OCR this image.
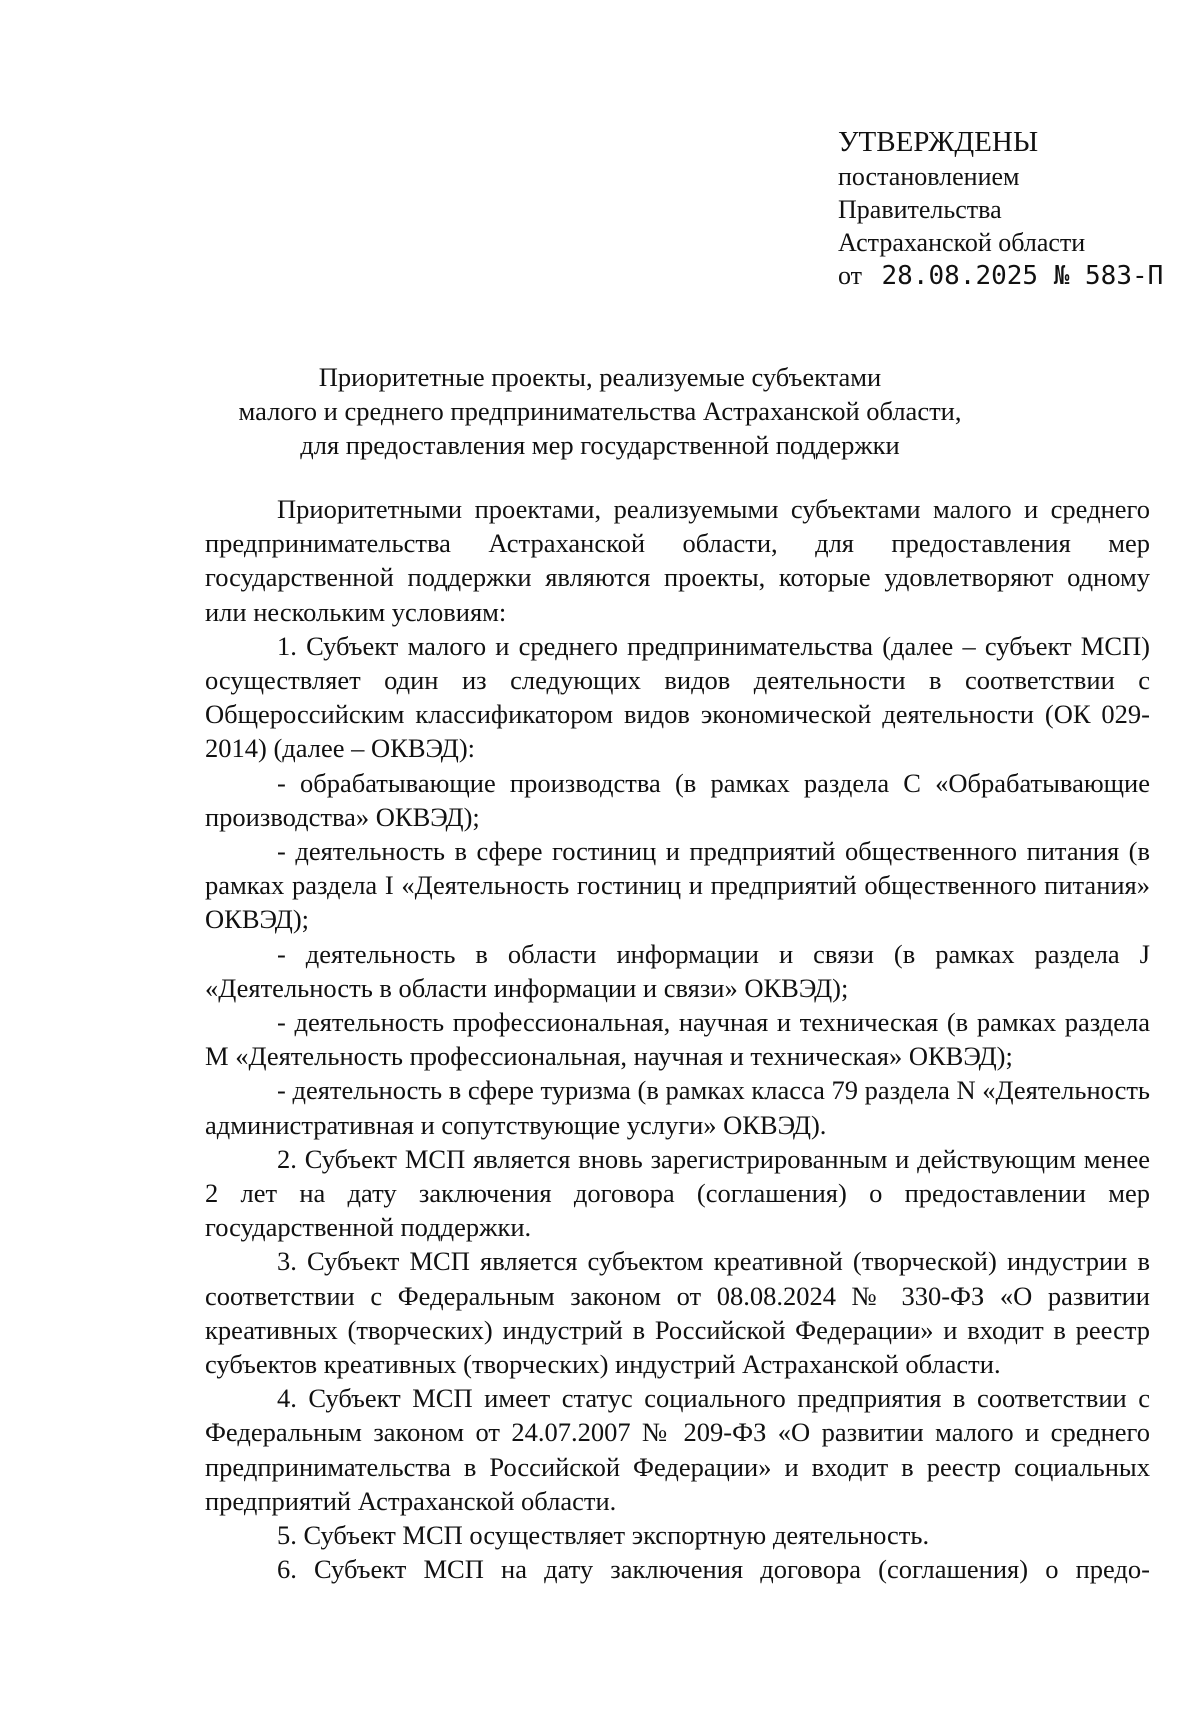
УТВЕРЖДЕНЫ
постановлением
Правительства
Астраханской области
от 28.08.2025 № 583-П
Приоритетные проекты, реализуемые субъектами
малого и среднего предпринимательства Астраханской области,
для предоставления мер государственной поддержки

Приоритетными проектами, реализуемыми субъектами малого и среднего предпринимательства Астраханской области, для предоставления мер государственной поддержки являются проекты, которые удовлетворяют одному или нескольким условиям:

1. Субъект малого и среднего предпринимательства (далее – субъект МСП) осуществляет один из следующих видов деятельности в соответствии с Общероссийским классификатором видов экономической деятельности (ОК 029-2014) (далее – ОКВЭД):

- обрабатывающие производства (в рамках раздела C «Обрабатывающие производства» ОКВЭД);

- деятельность в сфере гостиниц и предприятий общественного питания (в рамках раздела I «Деятельность гостиниц и предприятий общественного питания» ОКВЭД);

- деятельность в области информации и связи (в рамках раздела J «Деятельность в области информации и связи» ОКВЭД);

- деятельность профессиональная, научная и техническая (в рамках раздела M «Деятельность профессиональная, научная и техническая» ОКВЭД);

- деятельность в сфере туризма (в рамках класса 79 раздела N «Деятельность административная и сопутствующие услуги» ОКВЭД).

2. Субъект МСП является вновь зарегистрированным и действующим менее 2 лет на дату заключения договора (соглашения) о предоставлении мер государственной поддержки.

3. Субъект МСП является субъектом креативной (творческой) индустрии в соответствии с Федеральным законом от 08.08.2024 № 330-ФЗ «О развитии креативных (творческих) индустрий в Российской Федерации» и входит в реестр субъектов креативных (творческих) индустрий Астраханской области.

4. Субъект МСП имеет статус социального предприятия в соответствии с Федеральным законом от 24.07.2007 № 209-ФЗ «О развитии малого и среднего предпринимательства в Российской Федерации» и входит в реестр социальных предприятий Астраханской области.

5. Субъект МСП осуществляет экспортную деятельность.

6. Субъект МСП на дату заключения договора (соглашения) о предо-
